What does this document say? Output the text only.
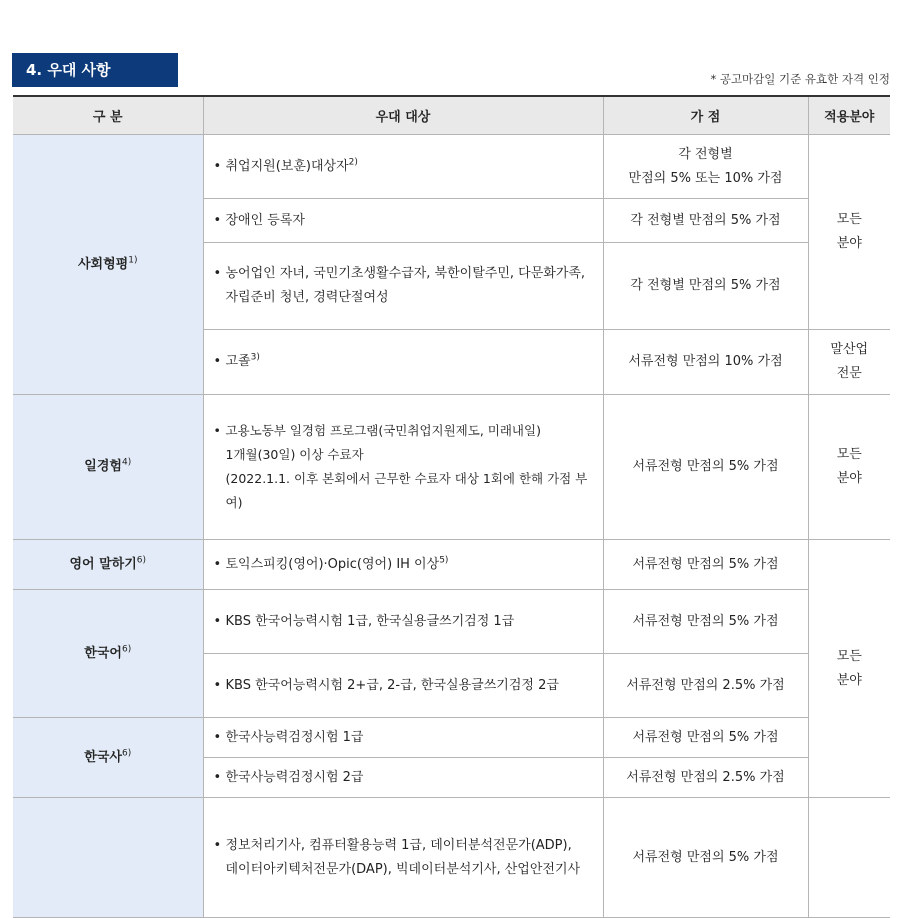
4. 우대 사항	* 공고마감일 기준 유효한 자격 인정
구 분	우대 대상	가 점	적용분야
사회형평$^{1)}$	• 취업지원(보훈)대상자$^{2)}$	각 전형별
만점의 5% 또는 10% 가점	모든
분야
	• 장애인 등록자	각 전형별 만점의 5% 가점	
	• 농어업인 자녀, 국민기초생활수급자, 북한이탈주민, 다문화가족,
자립준비 청년, 경력단절여성	각 전형별 만점의 5% 가점	
	• 고졸$^{3)}$	서류전형 만점의 10% 가점	말산업
전문
일경험$^{4)}$	• 고용노동부 일경험 프로그램(국민취업지원제도, 미래내일)
1개월(30일) 이상 수료자
(2022.1.1. 이후 본회에서 근무한 수료자 대상 1회에 한해 가점 부여)	서류전형 만점의 5% 가점	모든
분야
영어 말하기$^{6)}$	• 토익스피킹(영어)·Opic(영어) IH 이상$^{5)}$	서류전형 만점의 5% 가점	모든
분야
한국어$^{6)}$	• KBS 한국어능력시험 1급, 한국실용글쓰기검정 1급	서류전형 만점의 5% 가점	
	• KBS 한국어능력시험 2+급, 2-급, 한국실용글쓰기검정 2급	서류전형 만점의 2.5% 가점	
한국사$^{6)}$	• 한국사능력검정시험 1급	서류전형 만점의 5% 가점	
	• 한국사능력검정시험 2급	서류전형 만점의 2.5% 가점	
	• 정보처리기사, 컴퓨터활용능력 1급, 데이터분석전문가(ADP),
데이터아키텍처전문가(DAP), 빅데이터분석기사, 산업안전기사	서류전형 만점의 5% 가점	
